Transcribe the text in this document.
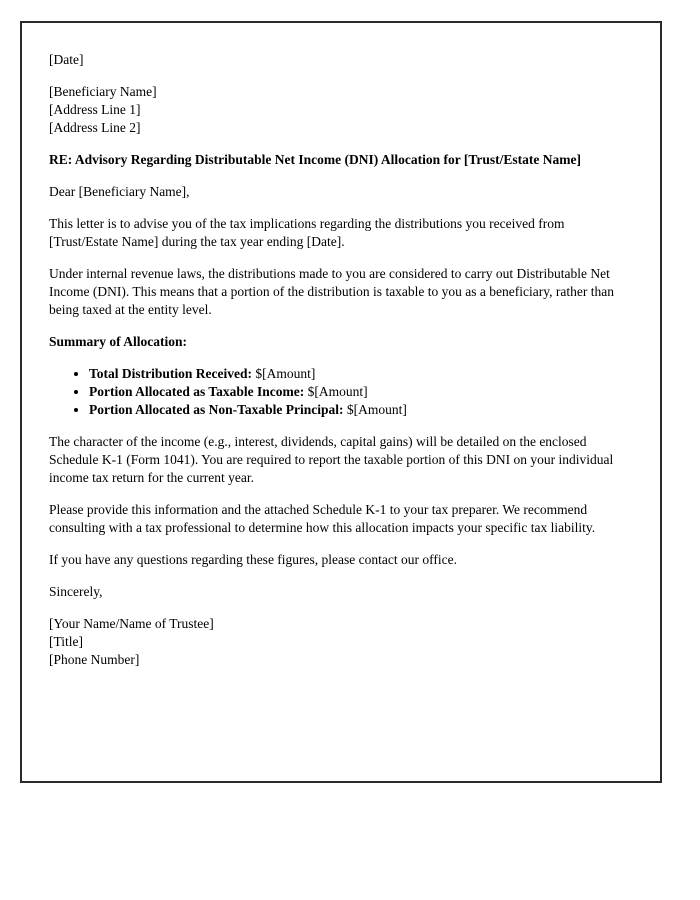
[Date]

[Beneficiary Name]
[Address Line 1]
[Address Line 2]

RE: Advisory Regarding Distributable Net Income (DNI) Allocation for [Trust/Estate Name]

Dear [Beneficiary Name],

This letter is to advise you of the tax implications regarding the distributions you received from [Trust/Estate Name] during the tax year ending [Date].

Under internal revenue laws, the distributions made to you are considered to carry out Distributable Net Income (DNI). This means that a portion of the distribution is taxable to you as a beneficiary, rather than being taxed at the entity level.

Summary of Allocation:

• Total Distribution Received: $[Amount]
• Portion Allocated as Taxable Income: $[Amount]
• Portion Allocated as Non-Taxable Principal: $[Amount]

The character of the income (e.g., interest, dividends, capital gains) will be detailed on the enclosed Schedule K-1 (Form 1041). You are required to report the taxable portion of this DNI on your individual income tax return for the current year.

Please provide this information and the attached Schedule K-1 to your tax preparer. We recommend consulting with a tax professional to determine how this allocation impacts your specific tax liability.

If you have any questions regarding these figures, please contact our office.

Sincerely,

[Your Name/Name of Trustee]
[Title]
[Phone Number]
